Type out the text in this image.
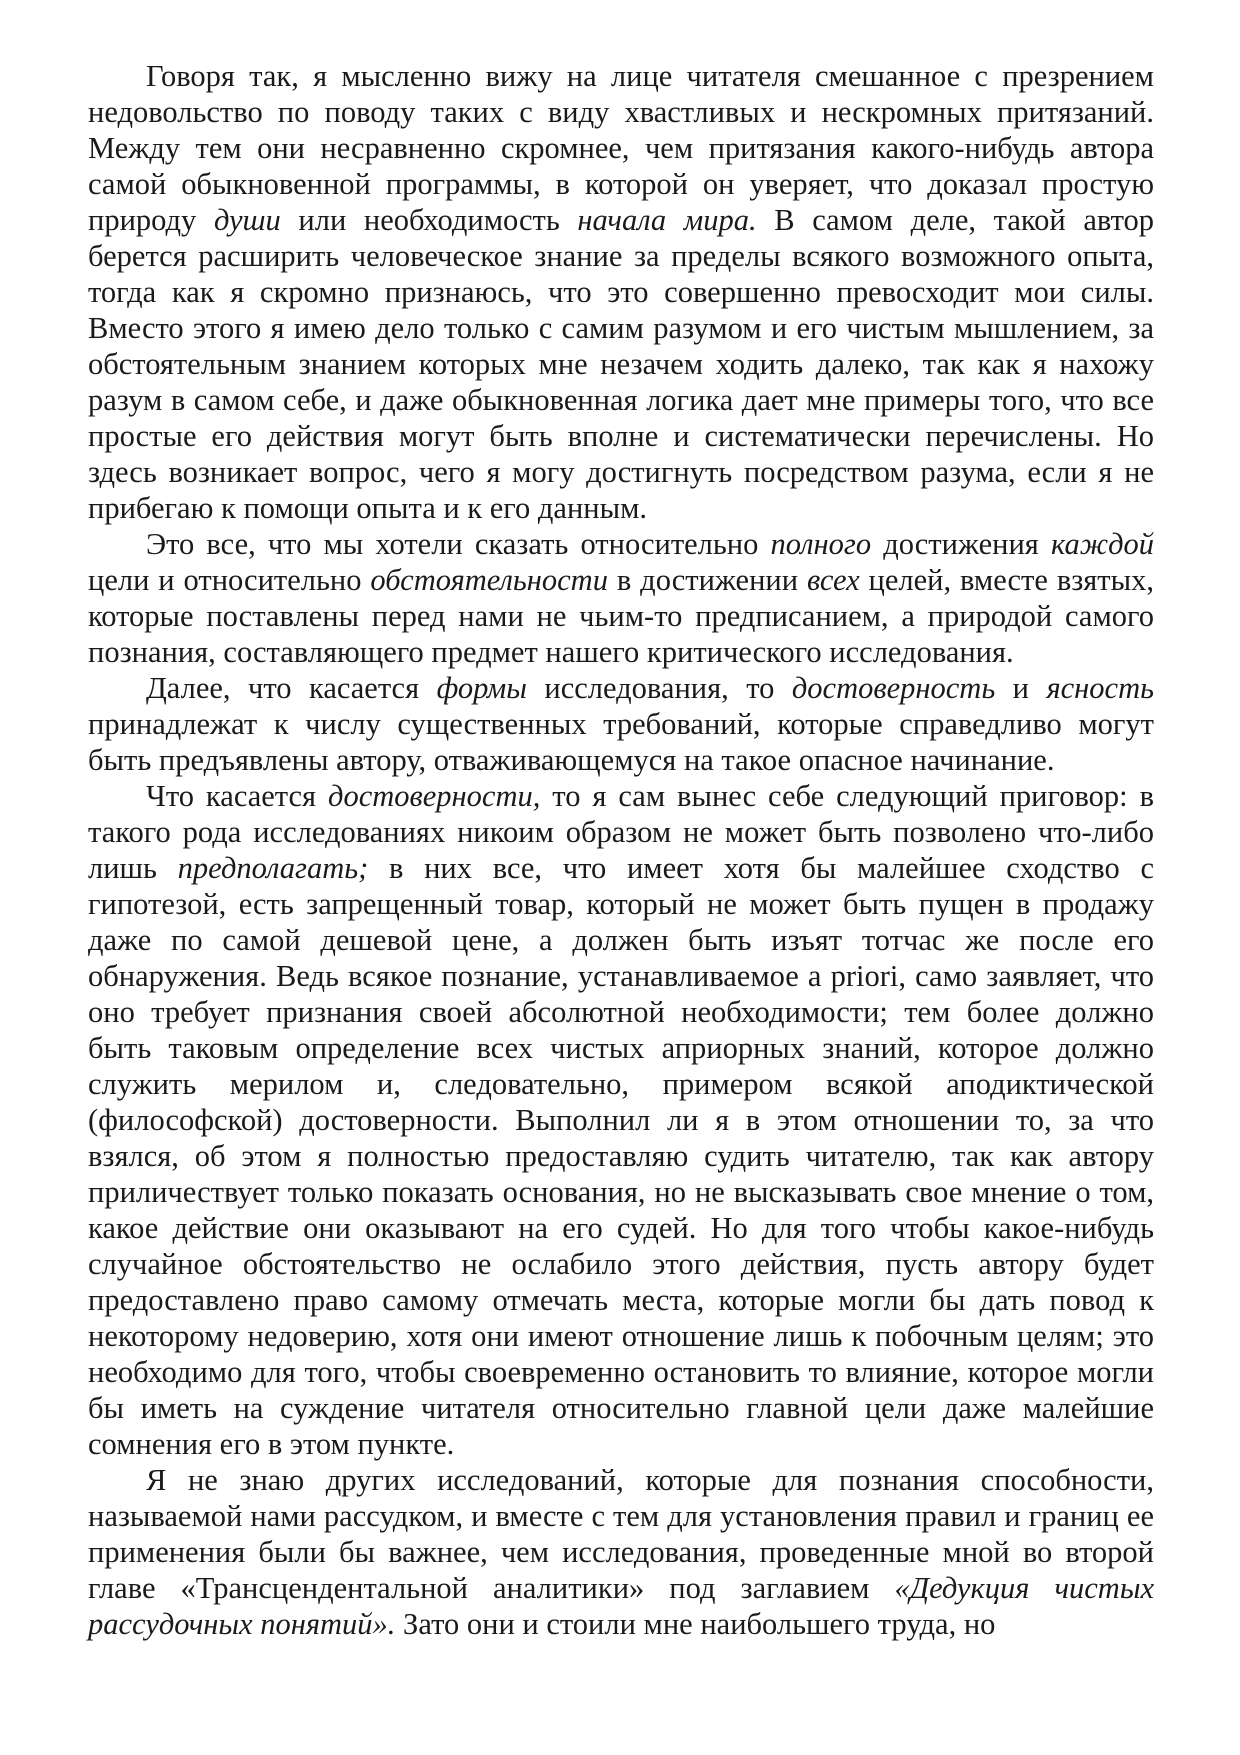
Говоря так, я мысленно вижу на лице читателя смешанное с презрением недовольство по поводу таких с виду хвастливых и нескромных притязаний. Между тем они несравненно скромнее, чем притязания какого-нибудь автора самой обыкновенной программы, в которой он уверяет, что доказал простую природу души или необходимость начала мира. В самом деле, такой автор берется расширить человеческое знание за пределы всякого возможного опыта, тогда как я скромно признаюсь, что это совершенно превосходит мои силы. Вместо этого я имею дело только с самим разумом и его чистым мышлением, за обстоятельным знанием которых мне незачем ходить далеко, так как я нахожу разум в самом себе, и даже обыкновенная логика дает мне примеры того, что все простые его действия могут быть вполне и систематически перечислены. Но здесь возникает вопрос, чего я могу достигнуть посредством разума, если я не прибегаю к помощи опыта и к его данным.

Это все, что мы хотели сказать относительно полного достижения каждой цели и относительно обстоятельности в достижении всех целей, вместе взятых, которые поставлены перед нами не чьим-то предписанием, а природой самого познания, составляющего предмет нашего критического исследования.

Далее, что касается формы исследования, то достоверность и ясность принадлежат к числу существенных требований, которые справедливо могут быть предъявлены автору, отваживающемуся на такое опасное начинание.

Что касается достоверности, то я сам вынес себе следующий приговор: в такого рода исследованиях никоим образом не может быть позволено что-либо лишь предполагать; в них все, что имеет хотя бы малейшее сходство с гипотезой, есть запрещенный товар, который не может быть пущен в продажу даже по самой дешевой цене, а должен быть изъят тотчас же после его обнаружения. Ведь всякое познание, устанавливаемое а priori, само заявляет, что оно требует признания своей абсолютной необходимости; тем более должно быть таковым определение всех чистых априорных знаний, которое должно служить мерилом и, следовательно, примером всякой аподиктической (философской) достоверности. Выполнил ли я в этом отношении то, за что взялся, об этом я полностью предоставляю судить читателю, так как автору приличествует только показать основания, но не высказывать свое мнение о том, какое действие они оказывают на его судей. Но для того чтобы какое-нибудь случайное обстоятельство не ослабило этого действия, пусть автору будет предоставлено право самому отмечать места, которые могли бы дать повод к некоторому недоверию, хотя они имеют отношение лишь к побочным целям; это необходимо для того, чтобы своевременно остановить то влияние, которое могли бы иметь на суждение читателя относительно главной цели даже малейшие сомнения его в этом пункте.

Я не знаю других исследований, которые для познания способности, называемой нами рассудком, и вместе с тем для установления правил и границ ее применения были бы важнее, чем исследования, проведенные мной во второй главе «Трансцендентальной аналитики» под заглавием «Дедукция чистых рассудочных понятий». Зато они и стоили мне наибольшего труда, но
